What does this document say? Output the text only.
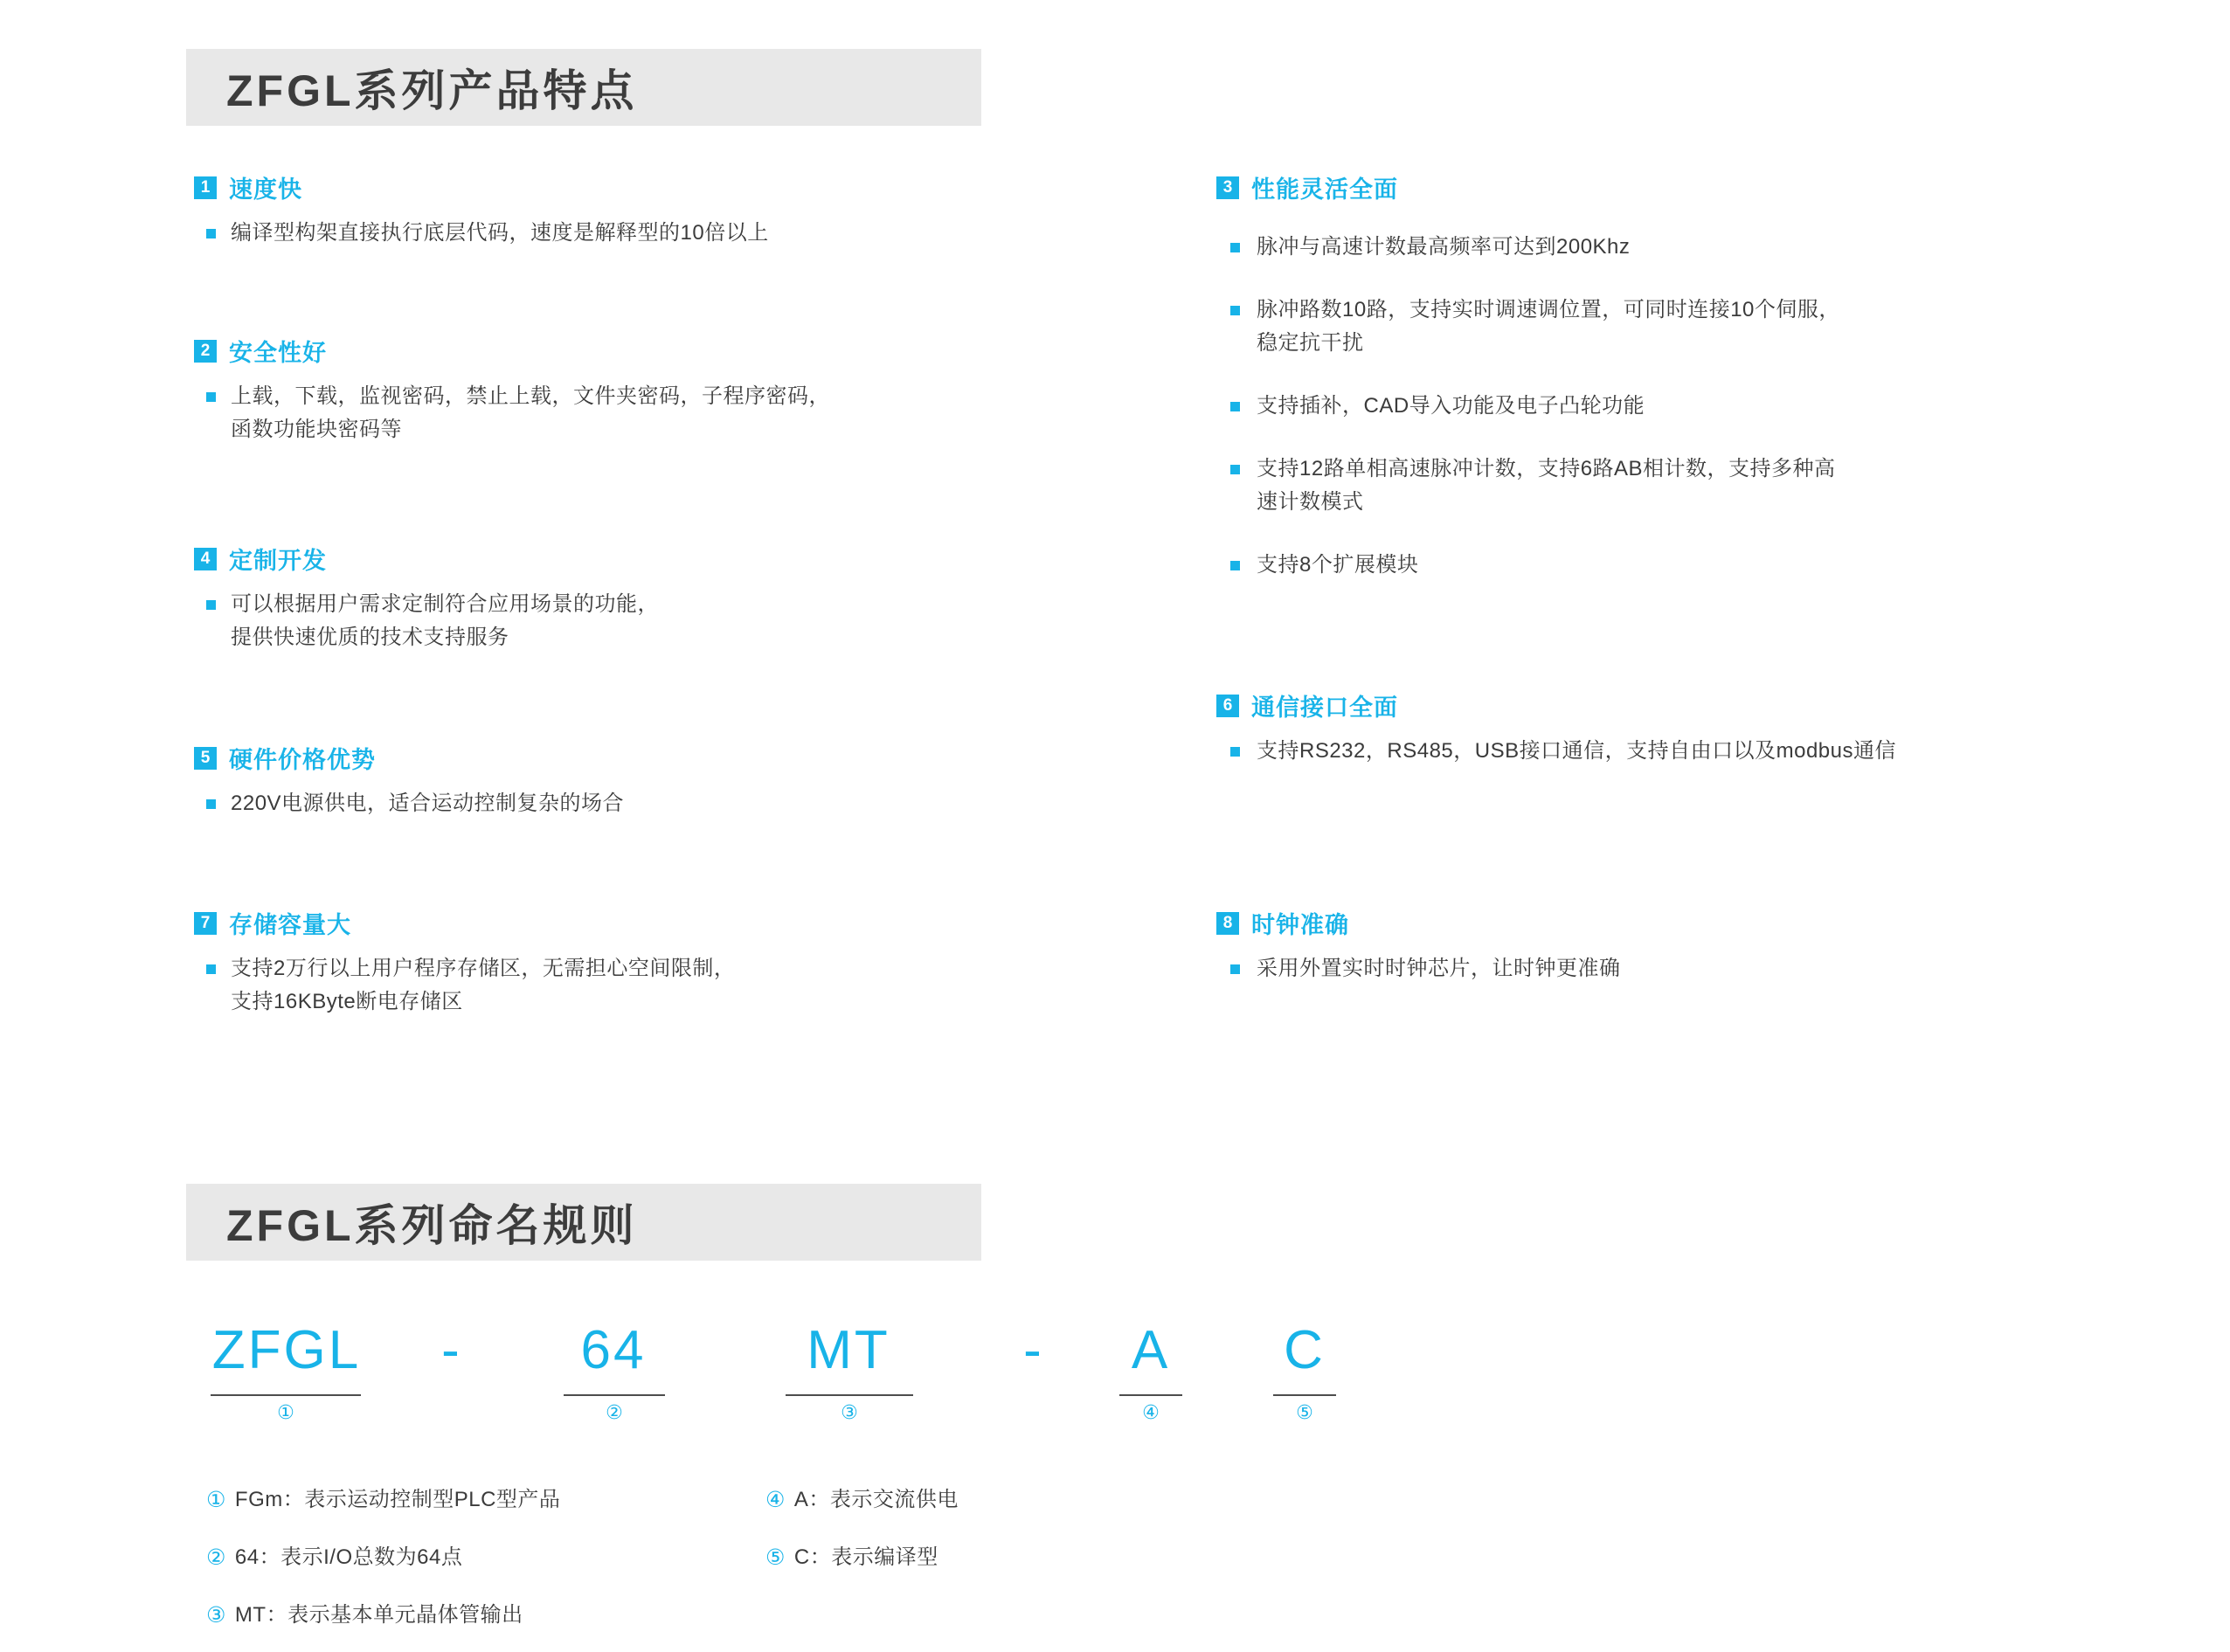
ZFGL系列产品特点
1 速度快
编译型构架直接执行底层代码，速度是解释型的10倍以上
2 安全性好
上载，下载，监视密码，禁止上载，文件夹密码，子程序密码，
函数功能块密码等
4 定制开发
可以根据用户需求定制符合应用场景的功能，
提供快速优质的技术支持服务
5 硬件价格优势
220V电源供电，适合运动控制复杂的场合
7 存储容量大
支持2万行以上用户程序存储区，无需担心空间限制，
支持16KByte断电存储区
3 性能灵活全面
脉冲与高速计数最高频率可达到200Khz
脉冲路数10路，支持实时调速调位置，可同时连接10个伺服，
稳定抗干扰
支持插补，CAD导入功能及电子凸轮功能
支持12路单相高速脉冲计数，支持6路AB相计数，支持多种高
速计数模式
支持8个扩展模块
6 通信接口全面
支持RS232，RS485，USB接口通信，支持自由口以及modbus通信
8 时钟准确
采用外置实时时钟芯片，让时钟更准确
ZFGL系列命名规则
ZFGL
①
-	64
②
MT
③
- A
④
C
⑤
① FGm：表示运动控制型PLC型产品
② 64：表示I/O总数为64点
③ MT：表示基本单元晶体管输出
④ A：表示交流供电
⑤ C：表示编译型
